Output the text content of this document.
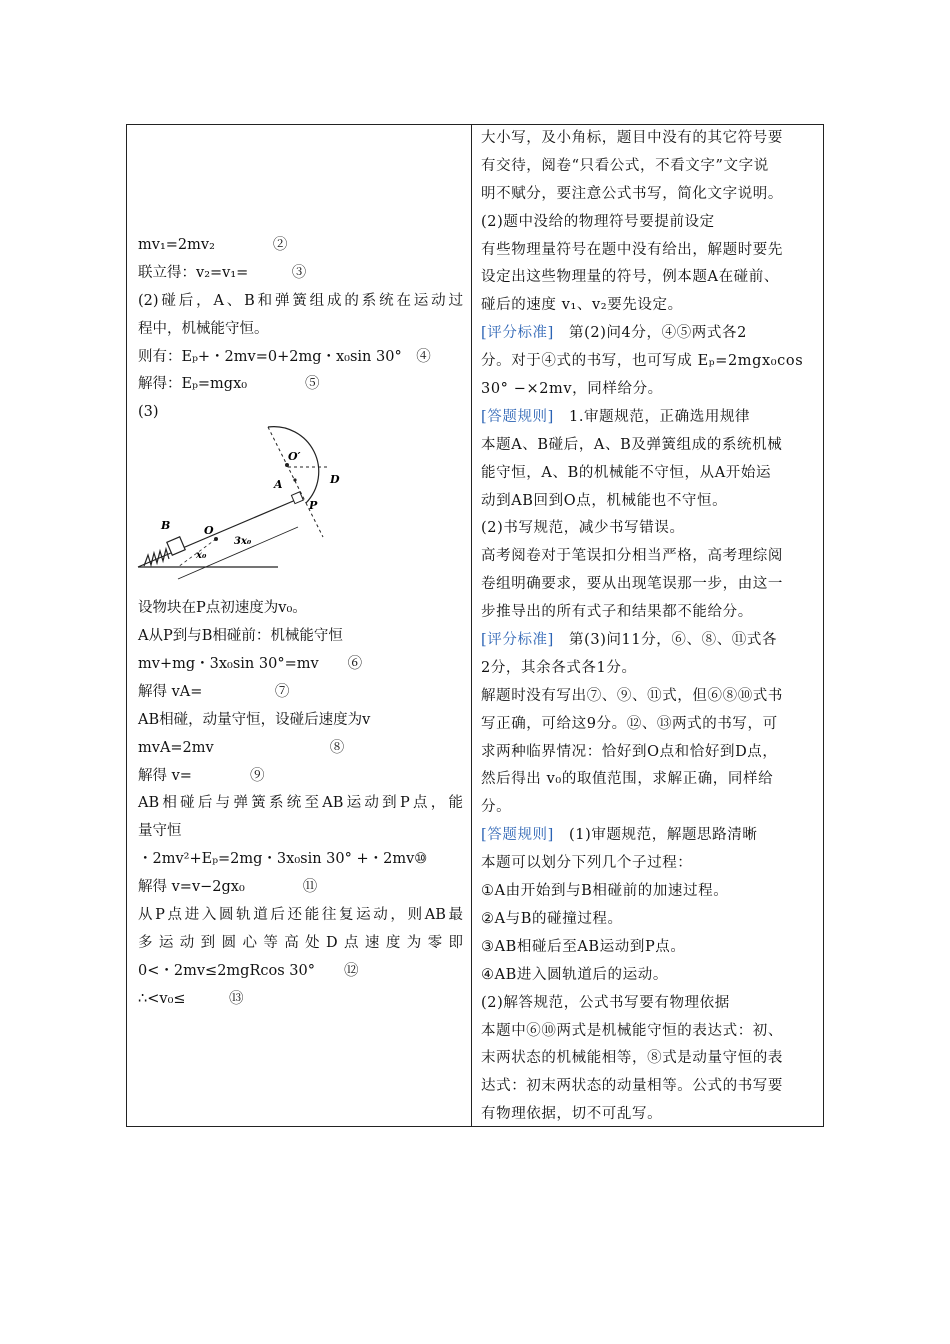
mv₁=2mv₂　　　　②
联立得：v₂=v₁=　　　③
(2)碰后，A、B和弹簧组成的系统在运动过
程中，机械能守恒。
则有：Eₚ+・2mv=0+2mg・x₀sin 30°　④
解得：Eₚ=mgx₀　　　　⑤
(3)
O′
D
A
P
B	O
x₀
3x₀
设物块在P点初速度为v₀。
A从P到与B相碰前：机械能守恒
mv+mg・3x₀sin 30°=mv　　⑥
解得 vA=　　　　　⑦
AB相碰，动量守恒，设碰后速度为v
mvA=2mv　　　　　　　　⑧
解得 v=　　　　⑨
AB相碰后与弹簧系统至AB运动到P点，能
量守恒
・2mv²+Eₚ=2mg・3x₀sin 30° +・2mv⑩
解得 v=v−2gx₀　　　　⑪
从P点进入圆轨道后还能往复运动，则AB最
多运动到圆心等高处D点速度为零即
0<・2mv≤2mgRcos 30°　　⑫
∴<v₀≤　　　⑬
大小写，及小角标，题目中没有的其它符号要
有交待，阅卷“只看公式，不看文字”文字说
明不赋分，要注意公式书写，简化文字说明。
(2)题中没给的物理符号要提前设定
有些物理量符号在题中没有给出，解题时要先
设定出这些物理量的符号，例本题A在碰前、
碰后的速度 v₁、v₂要先设定。
[评分标准]　第(2)问4分，④⑤两式各2
分。对于④式的书写，也可写成 Eₚ=2mgx₀cos
30° −×2mv，同样给分。
[答题规则]　1.审题规范，正确选用规律
本题A、B碰后，A、B及弹簧组成的系统机械
能守恒，A、B的机械能不守恒，从A开始运
动到AB回到O点，机械能也不守恒。
(2)书写规范，减少书写错误。
高考阅卷对于笔误扣分相当严格，高考理综阅
卷组明确要求，要从出现笔误那一步，由这一
步推导出的所有式子和结果都不能给分。
[评分标准]　第(3)问11分，⑥、⑧、⑪式各
2分，其余各式各1分。
解题时没有写出⑦、⑨、⑪式，但⑥⑧⑩式书
写正确，可给这9分。⑫、⑬两式的书写，可
求两种临界情况：恰好到O点和恰好到D点，
然后得出 v₀的取值范围，求解正确，同样给
分。
[答题规则]　(1)审题规范，解题思路清晰
本题可以划分下列几个子过程：
①A由开始到与B相碰前的加速过程。
②A与B的碰撞过程。
③AB相碰后至AB运动到P点。
④AB进入圆轨道后的运动。
(2)解答规范，公式书写要有物理依据
本题中⑥⑩两式是机械能守恒的表达式：初、
末两状态的机械能相等，⑧式是动量守恒的表
达式：初末两状态的动量相等。公式的书写要
有物理依据，切不可乱写。
